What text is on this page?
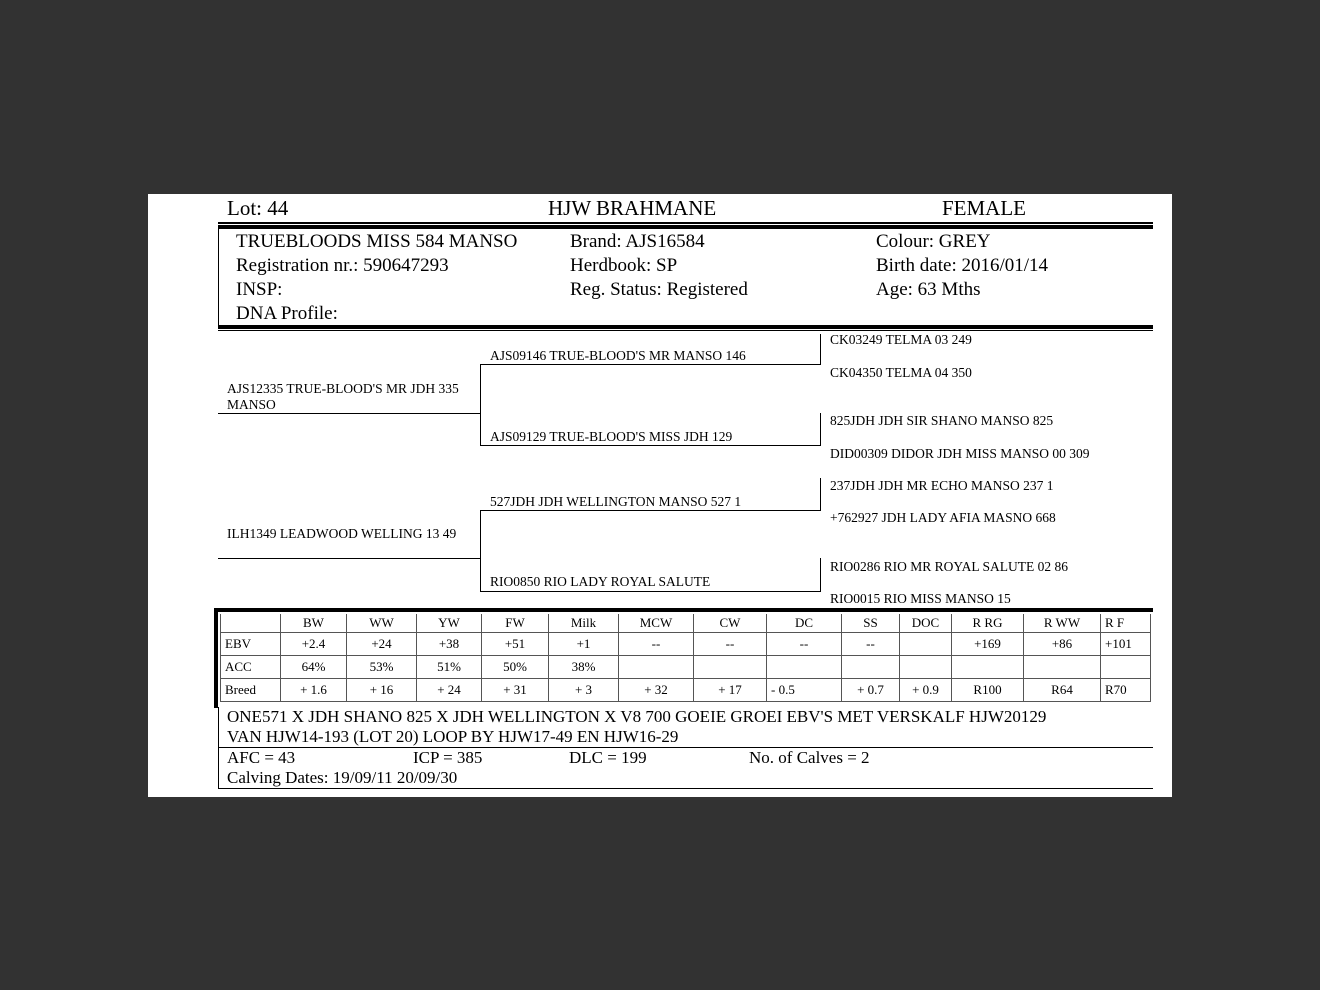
Lot: 44	HJW BRAHMANE	FEMALE
TRUEBLOODS MISS 584 MANSO
Registration nr.: 590647293
INSP:
DNA Profile:
Brand: AJS16584
Herdbook: SP
Reg. Status: Registered
Colour: GREY
Birth date: 2016/01/14
Age: 63 Mths
AJS12335 TRUE-BLOOD'S MR JDH 335 MANSO
ILH1349 LEADWOOD WELLING 13 49
AJS09146 TRUE-BLOOD'S MR MANSO 146
AJS09129 TRUE-BLOOD'S MISS JDH 129
527JDH JDH WELLINGTON MANSO 527 1
RIO0850 RIO LADY ROYAL SALUTE
CK03249 TELMA 03 249
CK04350 TELMA 04 350
825JDH JDH SIR SHANO MANSO 825
DID00309 DIDOR JDH MISS MANSO 00 309
237JDH JDH MR ECHO MANSO 237 1
+762927 JDH LADY AFIA MASNO 668
RIO0286 RIO MR ROYAL SALUTE 02 86
RIO0015 RIO MISS MANSO 15
	BW	WW	YW	FW	Milk	MCW	CW	DC	SS	DOC	R RG	R WW	R F
EBV	+2.4	+24	+38	+51	+1	--	--	--	--		+169	+86	+101
ACC	64%	53%	51%	50%	38%								
Breed	+ 1.6	+ 16	+ 24	+ 31	+ 3	+ 32	+ 17	- 0.5	+ 0.7	+ 0.9	R100	R64	R70
ONE571 X JDH SHANO 825 X JDH WELLINGTON X V8 700 GOEIE GROEI EBV'S MET VERSKALF HJW20129
VAN HJW14-193 (LOT 20) LOOP BY HJW17-49 EN HJW16-29
AFC = 43	ICP = 385	DLC = 199	No. of Calves = 2
Calving Dates: 19/09/11 20/09/30
